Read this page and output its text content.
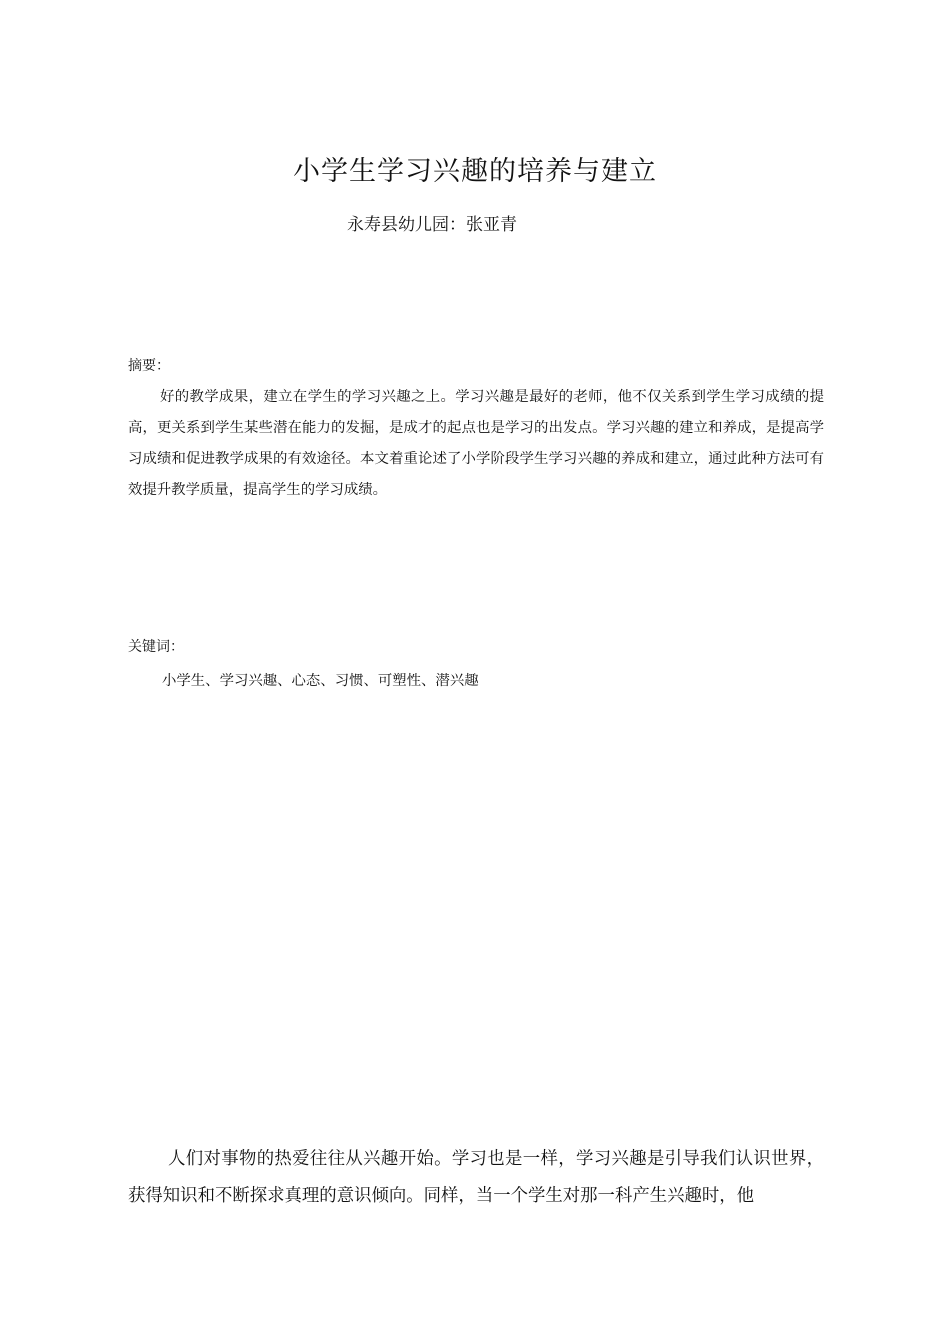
小学生学习兴趣的培养与建立
永寿县幼儿园：张亚青
摘要：

好的教学成果，建立在学生的学习兴趣之上。学习兴趣是最好的老师，他不仅关系到学生学习成绩的提高，更关系到学生某些潜在能力的发掘，是成才的起点也是学习的出发点。学习兴趣的建立和养成，是提高学习成绩和促进教学成果的有效途径。本文着重论述了小学阶段学生学习兴趣的养成和建立，通过此种方法可有效提升教学质量，提高学生的学习成绩。

关键词：

小学生、学习兴趣、心态、习惯、可塑性、潜兴趣

人们对事物的热爱往往从兴趣开始。学习也是一样，学习兴趣是引导我们认识世界，获得知识和不断探求真理的意识倾向。同样，当一个学生对那一科产生兴趣时，他
